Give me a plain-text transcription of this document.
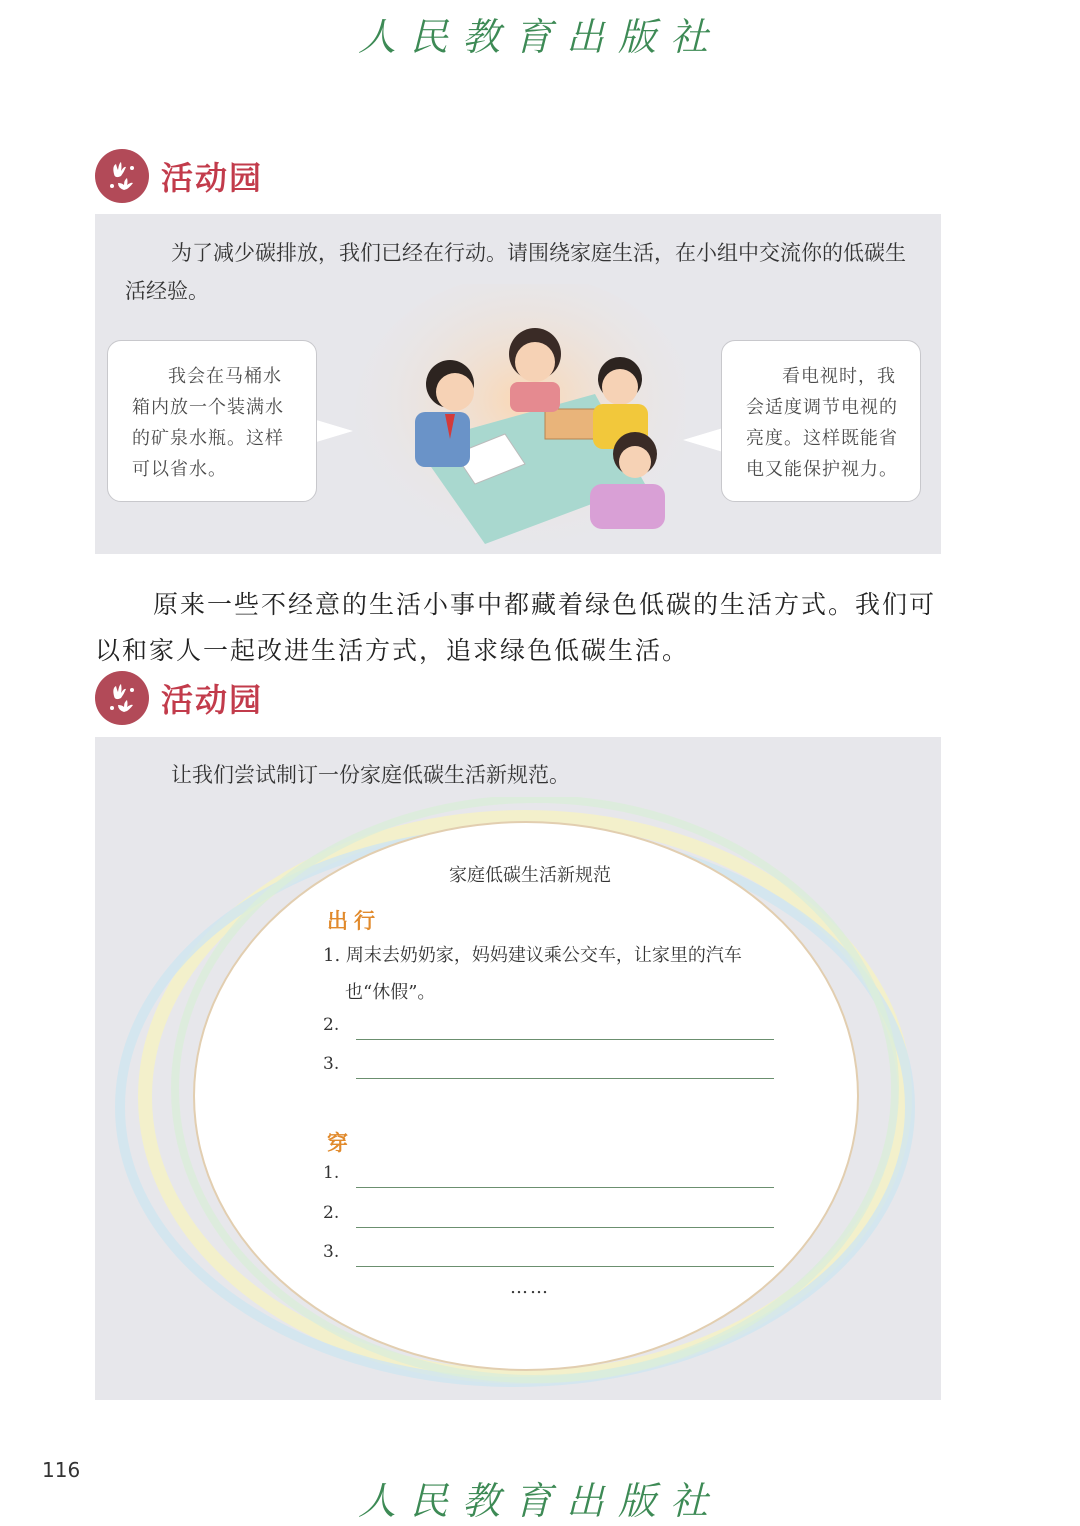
人民教育出版社
活动园
为了减少碳排放，我们已经在行动。请围绕家庭生活，在小组中交流你的低碳生活经验。
我会在马桶水箱内放一个装满水的矿泉水瓶。这样可以省水。
看电视时，我会适度调节电视的亮度。这样既能省电又能保护视力。
原来一些不经意的生活小事中都藏着绿色低碳的生活方式。我们可以和家人一起改进生活方式，追求绿色低碳生活。
活动园
让我们尝试制订一份家庭低碳生活新规范。
家庭低碳生活新规范
出行
1. 周末去奶奶家，妈妈建议乘公交车，让家里的汽车
也“休假”。
2.
3.
穿
1.
2.
3.
……
116
人民教育出版社
